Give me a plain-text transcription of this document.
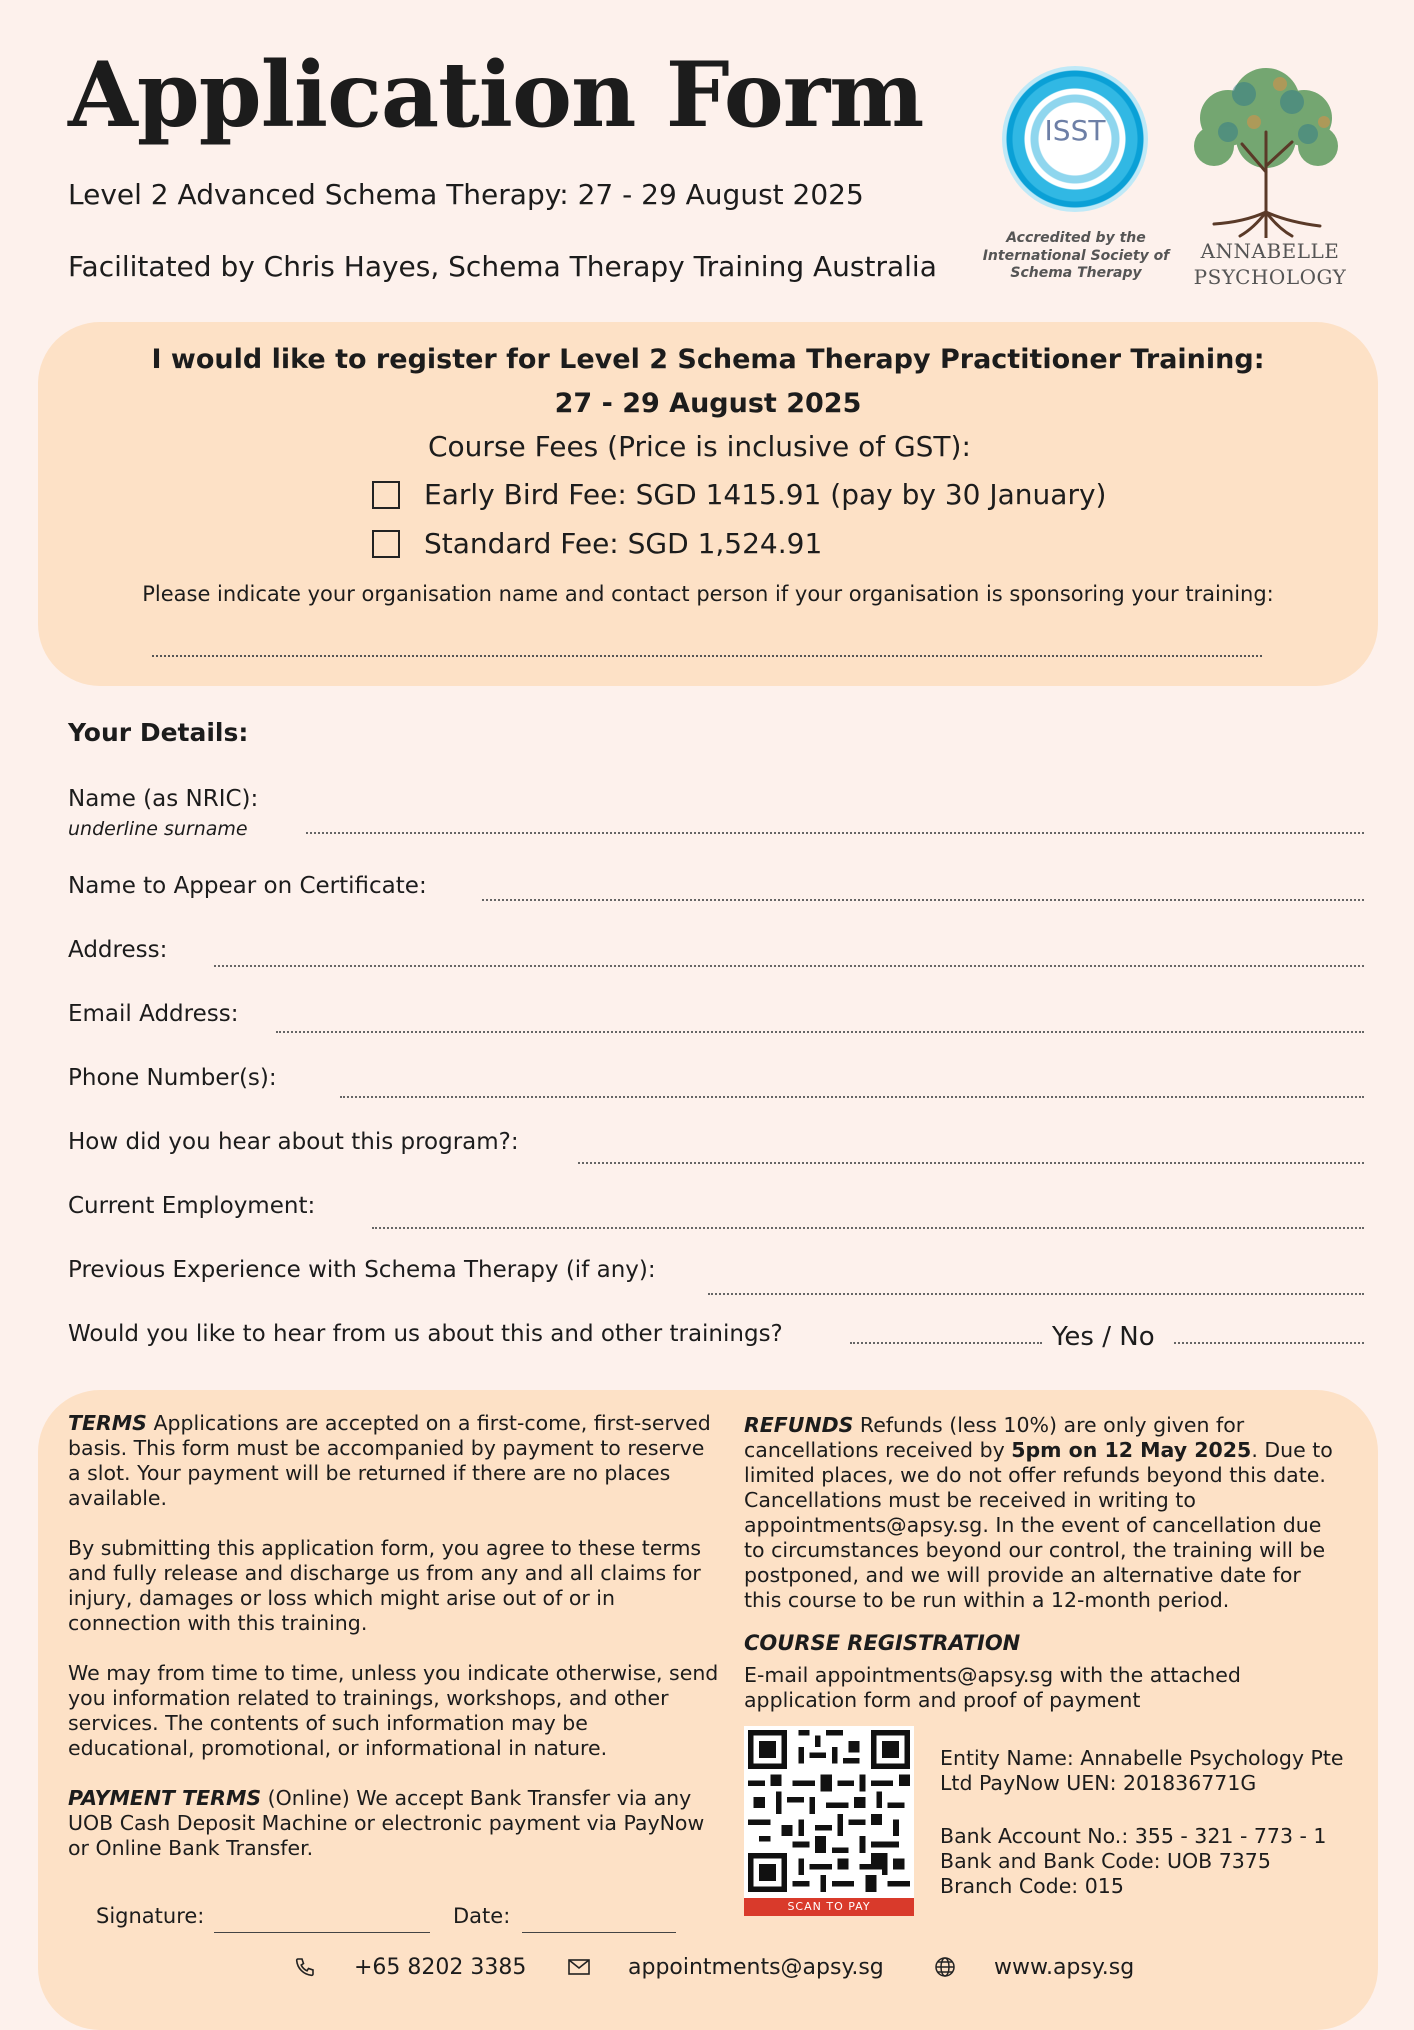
Application Form
Level 2 Advanced Schema Therapy: 27 - 29 August 2025
Facilitated by Chris Hayes, Schema Therapy Training Australia
ISST
Accredited by the
International Society of
Schema Therapy
ANNABELLE
PSYCHOLOGY
I would like to register for Level 2 Schema Therapy Practitioner Training:
27 - 29 August 2025
Course Fees (Price is inclusive of GST):
Early Bird Fee: SGD 1415.91 (pay by 30 January)
Standard Fee: SGD 1,524.91
Please indicate your organisation name and contact person if your organisation is sponsoring your training:
Your Details:
Name (as NRIC):
underline surname
Name to Appear on Certificate:
Address:
Email Address:
Phone Number(s):
How did you hear about this program?:
Current Employment:
Previous Experience with Schema Therapy (if any):
Would you like to hear from us about this and other trainings?	Yes / No

TERMS Applications are accepted on a first-come, first-served basis. This form must be accompanied by payment to reserve a slot. Your payment will be returned if there are no places available.

By submitting this application form, you agree to these terms and fully release and discharge us from any and all claims for injury, damages or loss which might arise out of or in connection with this training.

We may from time to time, unless you indicate otherwise, send you information related to trainings, workshops, and other services. The contents of such information may be educational, promotional, or informational in nature.

PAYMENT TERMS (Online) We accept Bank Transfer via any UOB Cash Deposit Machine or electronic payment via PayNow or Online Bank Transfer.

REFUNDS Refunds (less 10%) are only given for cancellations received by 5pm on 12 May 2025. Due to limited places, we do not offer refunds beyond this date. Cancellations must be received in writing to appointments@apsy.sg. In the event of cancellation due to circumstances beyond our control, the training will be postponed, and we will provide an alternative date for this course to be run within a 12-month period.

COURSE REGISTRATION
E-mail appointments@apsy.sg with the attached application form and proof of payment
SCAN TO PAY

Entity Name: Annabelle Psychology Pte Ltd PayNow UEN: 201836771G

Bank Account No.: 355 - 321 - 773 - 1
Bank and Bank Code: UOB 7375
Branch Code: 015
Signature:	Date:
+65 8202 3385	appointments@apsy.sg	www.apsy.sg
